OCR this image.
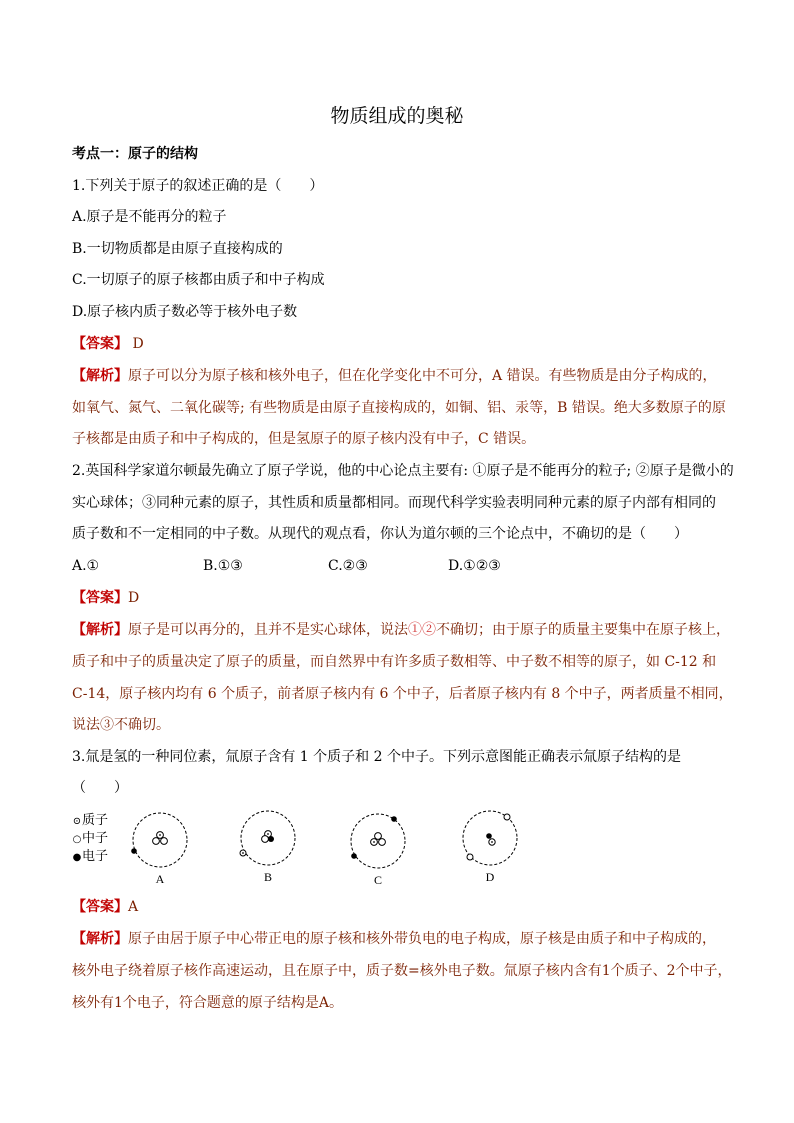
物质组成的奥秘
考点一：原子的结构
1.下列关于原子的叙述正确的是（　　）
A.原子是不能再分的粒子
B.一切物质都是由原子直接构成的
C.一切原子的原子核都由质子和中子构成
D.原子核内质子数必等于核外电子数
【答案】 D
【解析】原子可以分为原子核和核外电子，但在化学变化中不可分，A 错误。有些物质是由分子构成的，
如氧气、氮气、二氧化碳等; 有些物质是由原子直接构成的，如铜、铝、汞等，B 错误。绝大多数原子的原
子核都是由质子和中子构成的，但是氢原子的原子核内没有中子，C 错误。
2.英国科学家道尔顿最先确立了原子学说，他的中心论点主要有: ①原子是不能再分的粒子; ②原子是微小的
实心球体；③同种元素的原子，其性质和质量都相同。而现代科学实验表明同种元素的原子内部有相同的
质子数和不一定相同的中子数。从现代的观点看，你认为道尔顿的三个论点中，不确切的是（　　）
A.①	B.①③	C.②③	D.①②③
【答案】D
【解析】原子是可以再分的，且并不是实心球体，说法①②不确切；由于原子的质量主要集中在原子核上，
质子和中子的质量决定了原子的质量，而自然界中有许多质子数相等、中子数不相等的原子，如 C-12 和
C-14，原子核内均有 6 个质子，前者原子核内有 6 个中子，后者原子核内有 8 个中子，两者质量不相同，
说法③不确切。
3.氚是氢的一种同位素，氚原子含有 1 个质子和 2 个中子。下列示意图能正确表示氚原子结构的是
（　　）
⊙质子
○中子
●电子
A	B	C	D
【答案】A
【解析】原子由居于原子中心带正电的原子核和核外带负电的电子构成，原子核是由质子和中子构成的，
核外电子绕着原子核作高速运动，且在原子中，质子数=核外电子数。氚原子核内含有1个质子、2个中子，
核外有1个电子，符合题意的原子结构是A。
